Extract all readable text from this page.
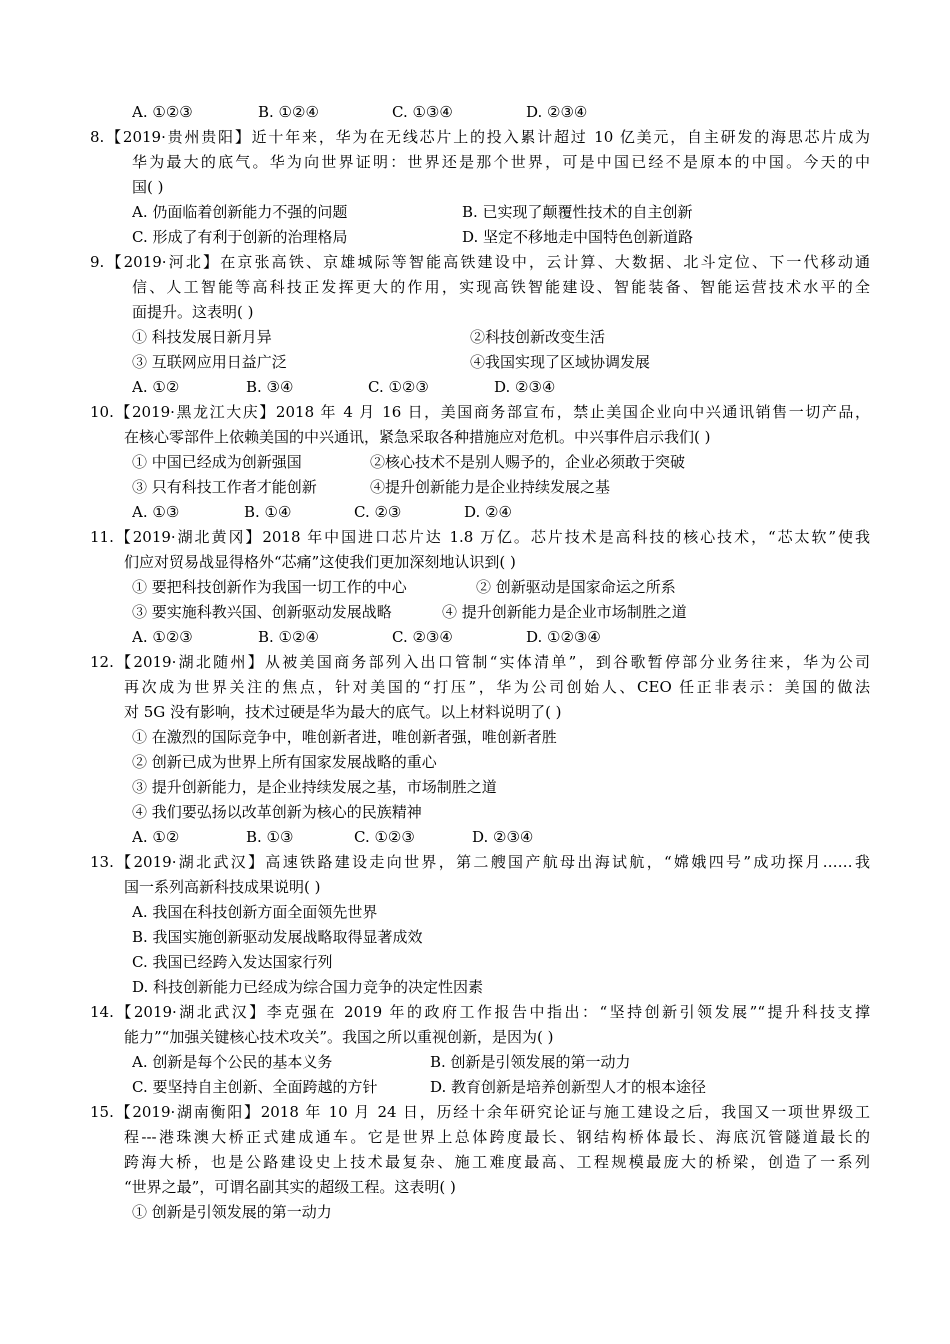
A. ①②③	B. ①②④	C. ①③④	D. ②③④
8.【2019·贵州贵阳】近十年来，华为在无线芯片上的投入累计超过 10 亿美元，自主研发的海思芯片成为
华为最大的底气。华为向世界证明：世界还是那个世界，可是中国已经不是原本的中国。今天的中
国( )
A. 仍面临着创新能力不强的问题	B. 已实现了颠覆性技术的自主创新
C. 形成了有利于创新的治理格局	D. 坚定不移地走中国特色创新道路
9.【2019·河北】在京张高铁、京雄城际等智能高铁建设中，云计算、大数据、北斗定位、下一代移动通
信、人工智能等高科技正发挥更大的作用，实现高铁智能建设、智能装备、智能运营技术水平的全
面提升。这表明( )
① 科技发展日新月异	②科技创新改变生活
③ 互联网应用日益广泛	④我国实现了区域协调发展
A. ①②	B. ③④	C. ①②③	D. ②③④
10.【2019·黑龙江大庆】2018 年 4 月 16 日，美国商务部宣布，禁止美国企业向中兴通讯销售一切产品，
在核心零部件上依赖美国的中兴通讯，紧急采取各种措施应对危机。中兴事件启示我们( )
① 中国已经成为创新强国	②核心技术不是别人赐予的，企业必须敢于突破
③ 只有科技工作者才能创新	④提升创新能力是企业持续发展之基
A. ①③	B. ①④	C. ②③	D. ②④
11.【2019·湖北黄冈】2018 年中国进口芯片达 1.8 万亿。芯片技术是高科技的核心技术，“芯太软”使我
们应对贸易战显得格外“芯痛”这使我们更加深刻地认识到( )
① 要把科技创新作为我国一切工作的中心	② 创新驱动是国家命运之所系
③ 要实施科教兴国、创新驱动发展战略	④ 提升创新能力是企业市场制胜之道
A. ①②③	B. ①②④	C. ②③④	D. ①②③④
12.【2019·湖北随州】从被美国商务部列入出口管制“实体清单”，到谷歌暂停部分业务往来，华为公司
再次成为世界关注的焦点，针对美国的“打压”，华为公司创始人、CEO 任正非表示：美国的做法
对 5G 没有影响，技术过硬是华为最大的底气。以上材料说明了( )
① 在激烈的国际竞争中，唯创新者进，唯创新者强，唯创新者胜
② 创新已成为世界上所有国家发展战略的重心
③ 提升创新能力，是企业持续发展之基，市场制胜之道
④ 我们要弘扬以改革创新为核心的民族精神
A. ①②	B. ①③	C. ①②③	D. ②③④
13.【2019·湖北武汉】高速铁路建设走向世界，第二艘国产航母出海试航，“嫦娥四号”成功探月……我
国一系列高新科技成果说明( )
A. 我国在科技创新方面全面领先世界
B. 我国实施创新驱动发展战略取得显著成效
C. 我国已经跨入发达国家行列
D. 科技创新能力已经成为综合国力竞争的决定性因素
14.【2019·湖北武汉】李克强在 2019 年的政府工作报告中指出：“坚持创新引领发展”“提升科技支撑
能力”“加强关键核心技术攻关”。我国之所以重视创新，是因为( )
A. 创新是每个公民的基本义务	B. 创新是引领发展的第一动力
C. 要坚持自主创新、全面跨越的方针	D. 教育创新是培养创新型人才的根本途径
15.【2019·湖南衡阳】2018 年 10 月 24 日，历经十余年研究论证与施工建设之后，我国又一项世界级工
程---港珠澳大桥正式建成通车。它是世界上总体跨度最长、钢结构桥体最长、海底沉管隧道最长的
跨海大桥，也是公路建设史上技术最复杂、施工难度最高、工程规模最庞大的桥梁，创造了一系列
“世界之最”，可谓名副其实的超级工程。这表明( )
① 创新是引领发展的第一动力
